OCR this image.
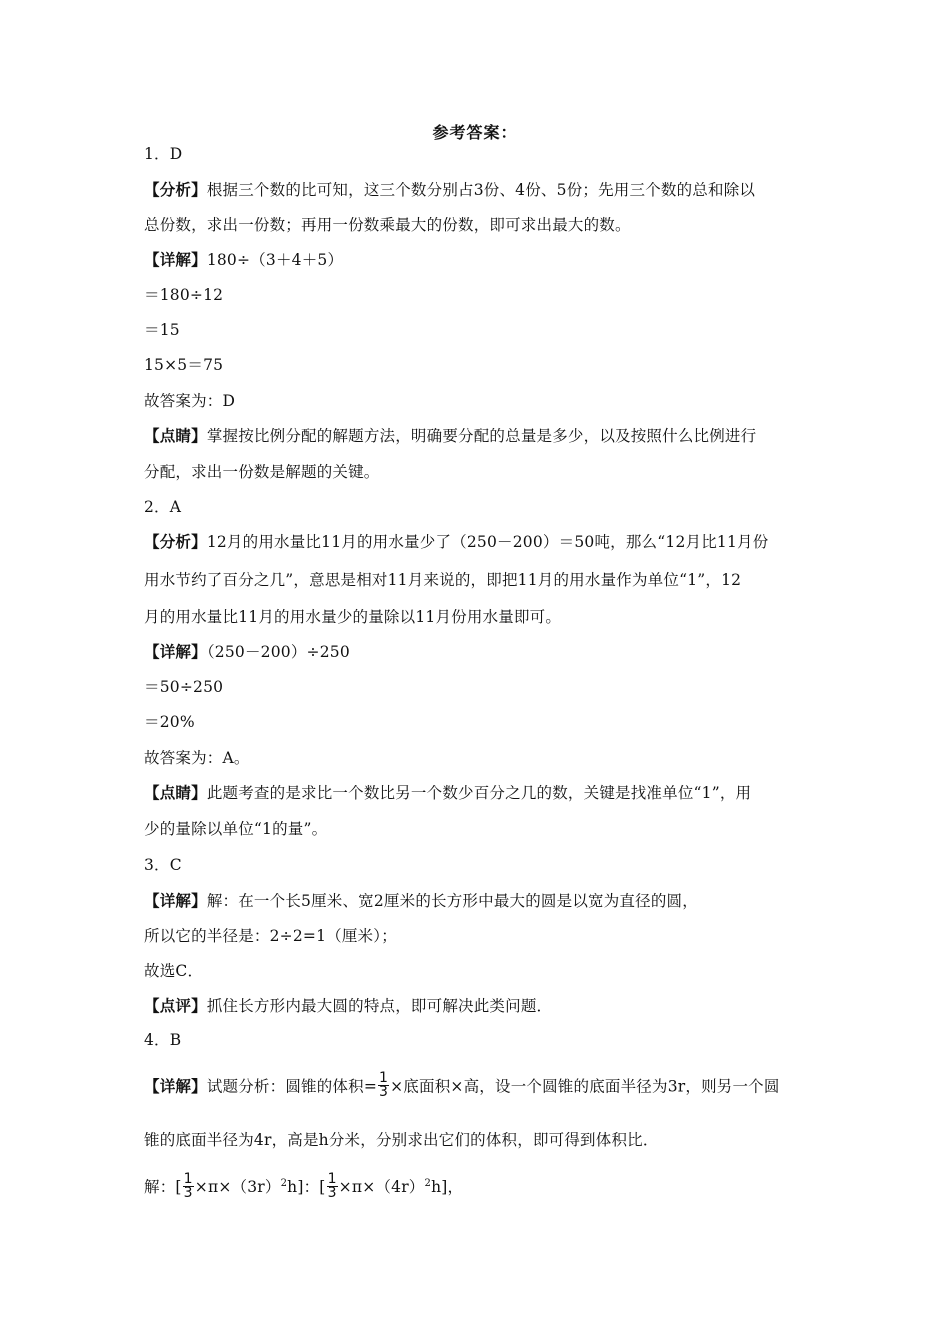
参考答案：
1．D
【分析】根据三个数的比可知，这三个数分别占3份、4份、5份；先用三个数的总和除以
总份数，求出一份数；再用一份数乘最大的份数，即可求出最大的数。
【详解】180÷（3＋4＋5）
＝180÷12
＝15
15×5＝75
故答案为：D
【点睛】掌握按比例分配的解题方法，明确要分配的总量是多少，以及按照什么比例进行
分配，求出一份数是解题的关键。
2．A
【分析】12月的用水量比11月的用水量少了（250－200）＝50吨，那么“12月比11月份
用水节约了百分之几”，意思是相对11月来说的，即把11月的用水量作为单位“1”，12
月的用水量比11月的用水量少的量除以11月份用水量即可。
【详解】（250－200）÷250
＝50÷250
＝20%
故答案为：A。
【点睛】此题考查的是求比一个数比另一个数少百分之几的数，关键是找准单位“1”，用
少的量除以单位“1的量”。
3．C
【详解】解：在一个长5厘米、宽2厘米的长方形中最大的圆是以宽为直径的圆，
所以它的半径是：2÷2=1（厘米）；
故选C．
【点评】抓住长方形内最大圆的特点，即可解决此类问题．
4．B
【详解】试题分析：圆锥的体积= $\frac{1}{3}$ ×底面积×高，设一个圆锥的底面半径为3r，则另一个圆
锥的底面半径为4r，高是h分米，分别求出它们的体积，即可得到体积比．
解：[ $\frac{1}{3} \times\pi\times(3r)^2h$]：[ $\frac{1}{3} \times\pi\times(4r)^2h$]，
